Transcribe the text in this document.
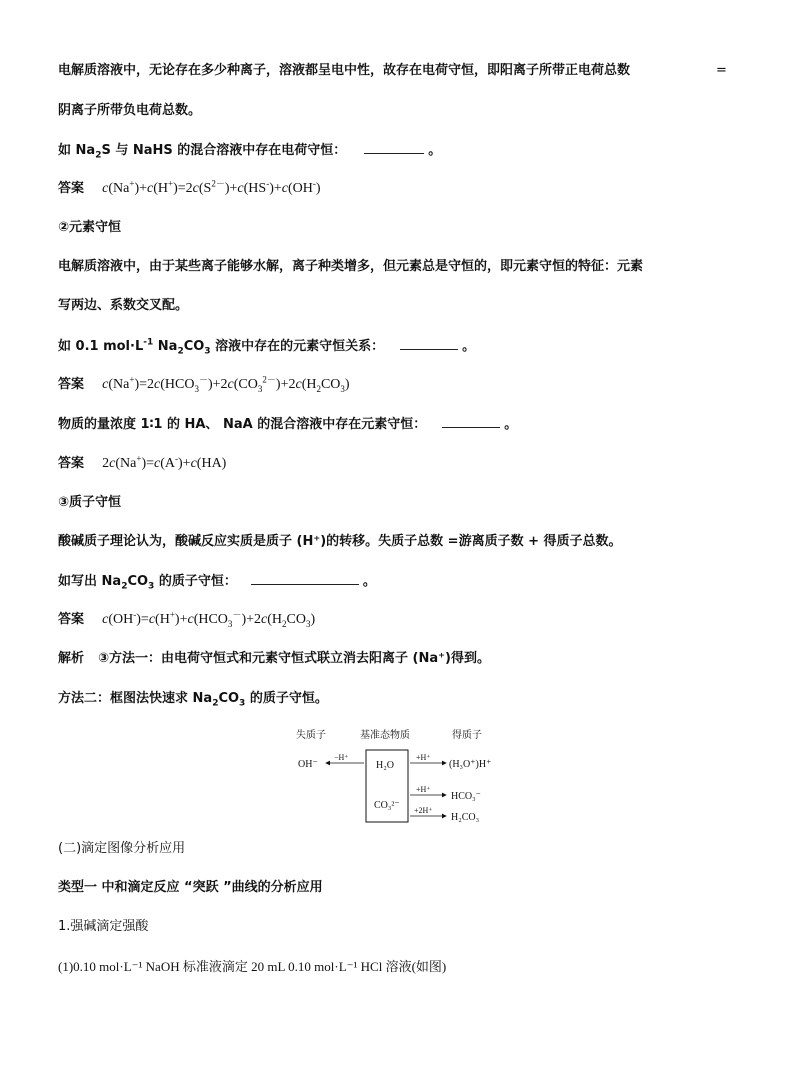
电解质溶液中，无论存在多少种离子，溶液都呈电中性，故存在电荷守恒，即阳离子所带正电荷总数	=
阴离子所带负电荷总数。
如 $Na_2S$ 与 NaHS 的混合溶液中存在电荷守恒：	。
答案 $c(Na^+)+c(H^+)=2c(S^{2-})+c(HS^-)+c(OH^-)$
②元素守恒
电解质溶液中，由于某些离子能够水解，离子种类增多，但元素总是守恒的，即元素守恒的特征：元素
写两边、系数交叉配。
如 0.1 $mol\cdot L^{-1}$ $Na_2CO_3$ 溶液中存在的元素守恒关系：	。
答案 $c(Na^+)=2c(HCO_3^-)+2c(CO_3^{2-})+2c(H_2CO_3)$
物质的量浓度 1∶1 的 HA、 NaA 的混合溶液中存在元素守恒：	。
答案 2c(Na+)=c(A-)+c(HA)
③质子守恒
酸碱质子理论认为，酸碱反应实质是质子 (H⁺)的转移。失质子总数 =游离质子数 + 得质子总数。
如写出 $Na_2CO_3$ 的质子守恒：	。
答案 $c(OH^-)=c(H^+)+c(HCO_3^-)+2c(H_2CO_3)$
解析 ③方法一：由电荷守恒式和元素守恒式联立消去阳离子 (Na⁺)得到。
方法二：框图法快速求 $Na_2CO_3$ 的质子守恒。
失质子	基准态物质	得质子
H₂O
CO₃²⁻
OH⁻
−H⁺	+H⁺
(H₃O⁺)H⁺
+H⁺
HCO₃⁻
+2H⁺
H₂CO₃
(二)滴定图像分析应用
类型一 中和滴定反应 “突跃 ”曲线的分析应用
1.强碱滴定强酸
(1)0.10 mol·L⁻¹ NaOH 标准液滴定 20 mL 0.10 mol·L⁻¹ HCl 溶液(如图)
